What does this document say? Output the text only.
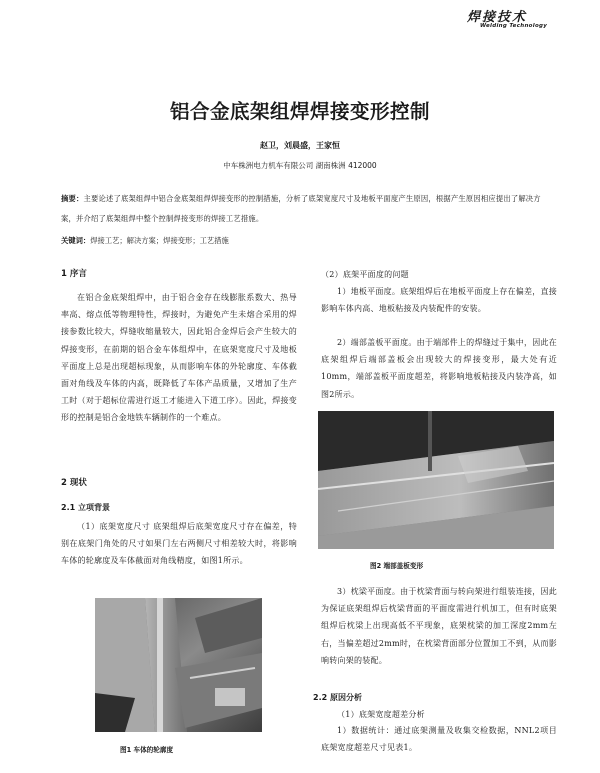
焊接技术
Welding Technology
铝合金底架组焊焊接变形控制
赵卫，刘晨盛，王家恒
中车株洲电力机车有限公司 湖南株洲 412000
摘要：主要论述了底架组焊中铝合金底架组焊焊接变形的控制措施，分析了底架宽度尺寸及地板平面度产生原因，根据产生原因相应提出了解决方案，并介绍了底架组焊中整个控制焊接变形的焊接工艺措施。
关键词：焊接工艺；解决方案；焊接变形；工艺措施
1 序言
在铝合金底架组焊中，由于铝合金存在线膨胀系数大、热导率高、熔点低等物理特性，焊接时，为避免产生未熔合采用的焊接参数比较大，焊缝收缩量较大，因此铝合金焊后会产生较大的焊接变形，在前期的铝合金车体组焊中，在底架宽度尺寸及地板平面度上总是出现超标现象，从而影响车体的外轮廓度、车体截面对角线及车体的内高，既降低了车体产品质量，又增加了生产工时（对于超标位需进行返工才能进入下道工序）。因此，焊接变形的控制是铝合金地铁车辆制作的一个难点。
2 现状
2.1 立项背景
（1）底架宽度尺寸 底架组焊后底架宽度尺寸存在偏差，特别在底架门角处的尺寸如果门左右两侧尺寸相差较大时，将影响车体的轮廓度及车体截面对角线精度，如图1所示。
图1 车体的轮廓度
（2）底架平面度的问题
1）地板平面度。底架组焊后在地板平面度上存在偏差，直接影响车体内高、地板粘接及内装配件的安装。
2）端部盖板平面度。由于端部件上的焊缝过于集中，因此在底架组焊后端部盖板会出现较大的焊接变形，最大处有近10mm，端部盖板平面度超差，将影响地板粘接及内装净高，如图2所示。
图2 端部盖板变形
3）枕梁平面度。由于枕梁背面与转向架进行组装连接，因此为保证底架组焊后枕梁背面的平面度需进行机加工，但有时底架组焊后枕梁上出现高低不平现象，底架枕梁的加工深度2mm左右，当偏差超过2mm时，在枕梁背面部分位置加工不到，从而影响转向架的装配。
2.2 原因分析
（1）底架宽度超差分析
1）数据统计：通过底架测量及收集交检数据，NNL2项目底架宽度超差尺寸见表1。
